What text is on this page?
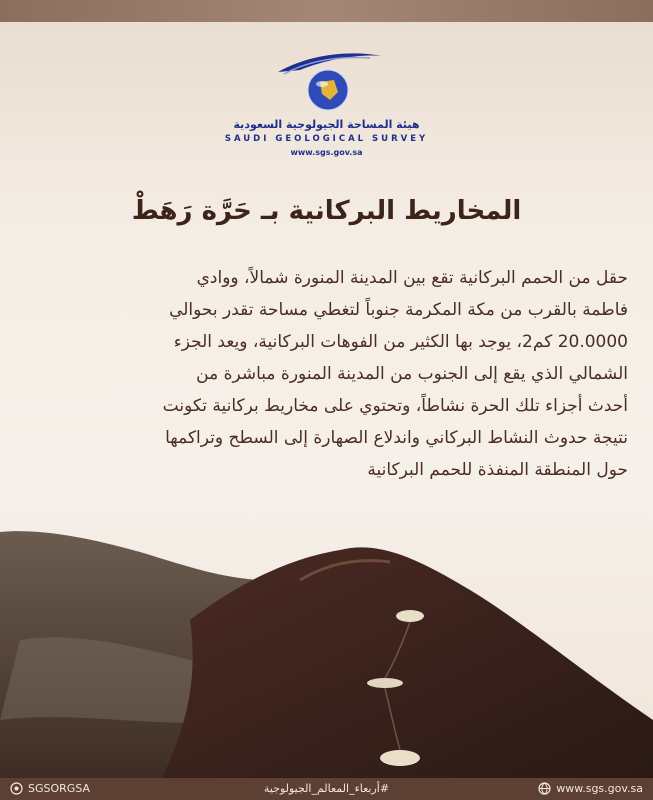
هيئة المساحة الجيولوجية السعودية
SAUDI GEOLOGICAL SURVEY
www.sgs.gov.sa
المخاريط البركانية بـ حَرَّة رَهَطْ
حقل من الحمم البركانية تقع بين المدينة المنورة شمالاً، ووادي
فاطمة بالقرب من مكة المكرمة جنوباً لتغطي مساحة تقدر بحوالي
20.0000 كم2، يوجد بها الكثير من الفوهات البركانية، ويعد الجزء
الشمالي الذي يقع إلى الجنوب من المدينة المنورة مباشرة من
أحدث أجزاء تلك الحرة نشاطاً، وتحتوي على مخاريط بركانية تكونت
نتيجة حدوث النشاط البركاني واندلاع الصهارة إلى السطح وتراكمها
حول المنطقة المنفذة للحمم البركانية
SGSORGSA	#أربعاء_المعالم_الجيولوجية	www.sgs.gov.sa
